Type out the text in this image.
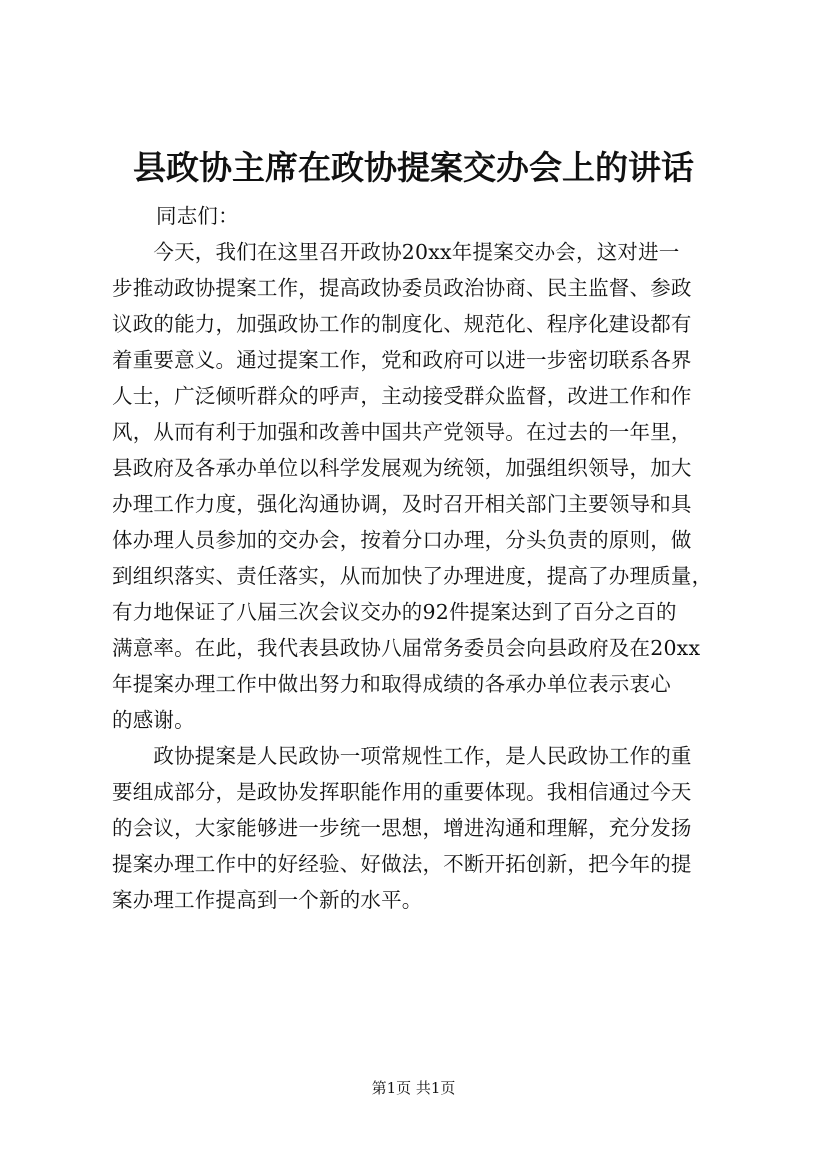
县政协主席在政协提案交办会上的讲话
同志们：
　　今天，我们在这里召开政协20xx年提案交办会，这对进一
步推动政协提案工作，提高政协委员政治协商、民主监督、参政
议政的能力，加强政协工作的制度化、规范化、程序化建设都有
着重要意义。通过提案工作，党和政府可以进一步密切联系各界
人士，广泛倾听群众的呼声，主动接受群众监督，改进工作和作
风，从而有利于加强和改善中国共产党领导。在过去的一年里，
县政府及各承办单位以科学发展观为统领，加强组织领导，加大
办理工作力度，强化沟通协调，及时召开相关部门主要领导和具
体办理人员参加的交办会，按着分口办理，分头负责的原则，做
到组织落实、责任落实，从而加快了办理进度，提高了办理质量，
有力地保证了八届三次会议交办的92件提案达到了百分之百的
满意率。在此，我代表县政协八届常务委员会向县政府及在20xx
年提案办理工作中做出努力和取得成绩的各承办单位表示衷心
的感谢。
　　政协提案是人民政协一项常规性工作，是人民政协工作的重
要组成部分，是政协发挥职能作用的重要体现。我相信通过今天
的会议，大家能够进一步统一思想，增进沟通和理解，充分发扬
提案办理工作中的好经验、好做法，不断开拓创新，把今年的提
案办理工作提高到一个新的水平。
第1页 共1页
